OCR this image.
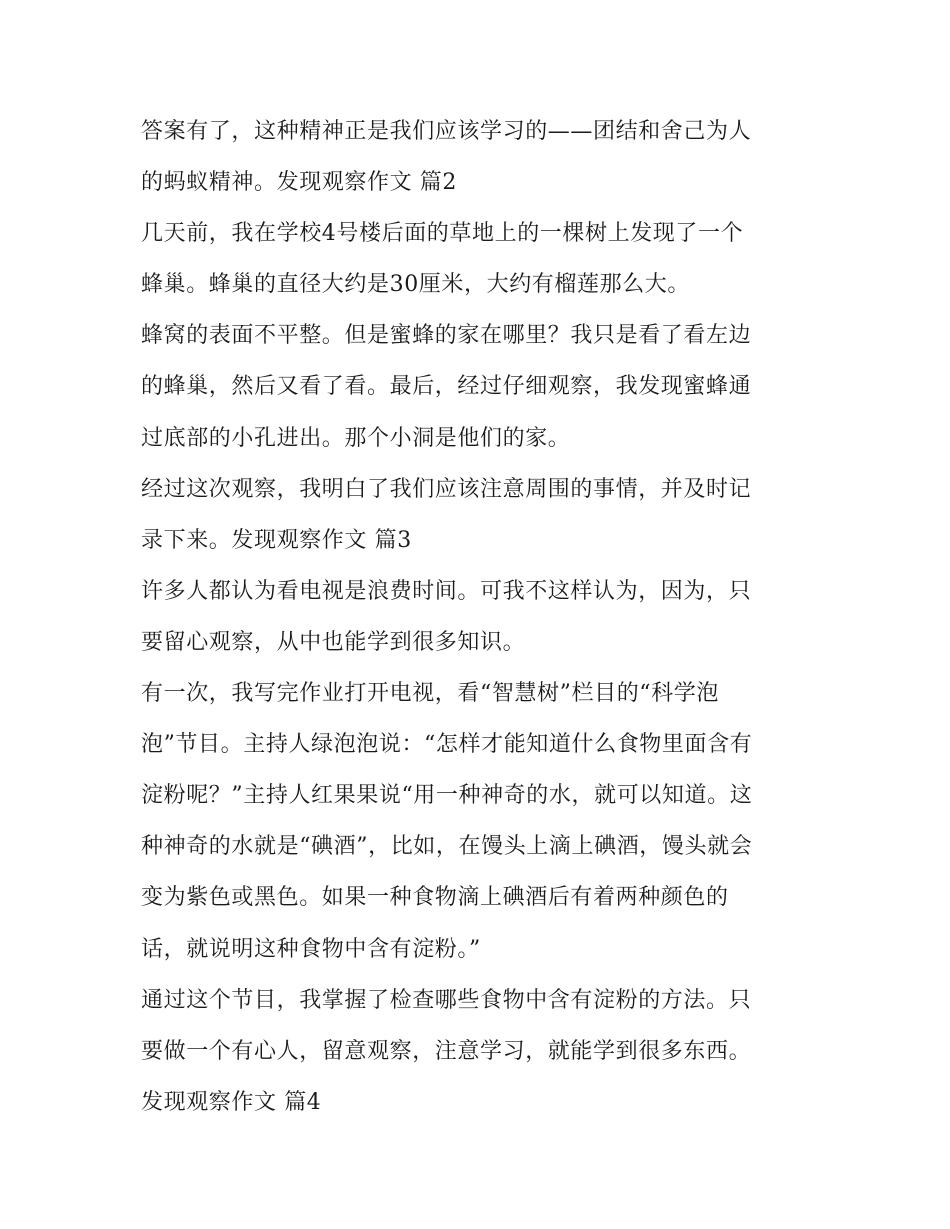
答案有了，这种精神正是我们应该学习的——团结和舍己为人
的蚂蚁精神。发现观察作文 篇2
几天前，我在学校4号楼后面的草地上的一棵树上发现了一个
蜂巢。蜂巢的直径大约是30厘米，大约有榴莲那么大。
蜂窝的表面不平整。但是蜜蜂的家在哪里？我只是看了看左边
的蜂巢，然后又看了看。最后，经过仔细观察，我发现蜜蜂通
过底部的小孔进出。那个小洞是他们的家。
经过这次观察，我明白了我们应该注意周围的事情，并及时记
录下来。发现观察作文 篇3
许多人都认为看电视是浪费时间。可我不这样认为，因为，只
要留心观察，从中也能学到很多知识。
有一次，我写完作业打开电视，看“智慧树”栏目的“科学泡
泡”节目。主持人绿泡泡说：“怎样才能知道什么食物里面含有
淀粉呢？”主持人红果果说“用一种神奇的水，就可以知道。这
种神奇的水就是“碘酒”，比如，在馒头上滴上碘酒，馒头就会
变为紫色或黑色。如果一种食物滴上碘酒后有着两种颜色的
话，就说明这种食物中含有淀粉。”
通过这个节目，我掌握了检查哪些食物中含有淀粉的方法。只
要做一个有心人，留意观察，注意学习，就能学到很多东西。
发现观察作文 篇4
